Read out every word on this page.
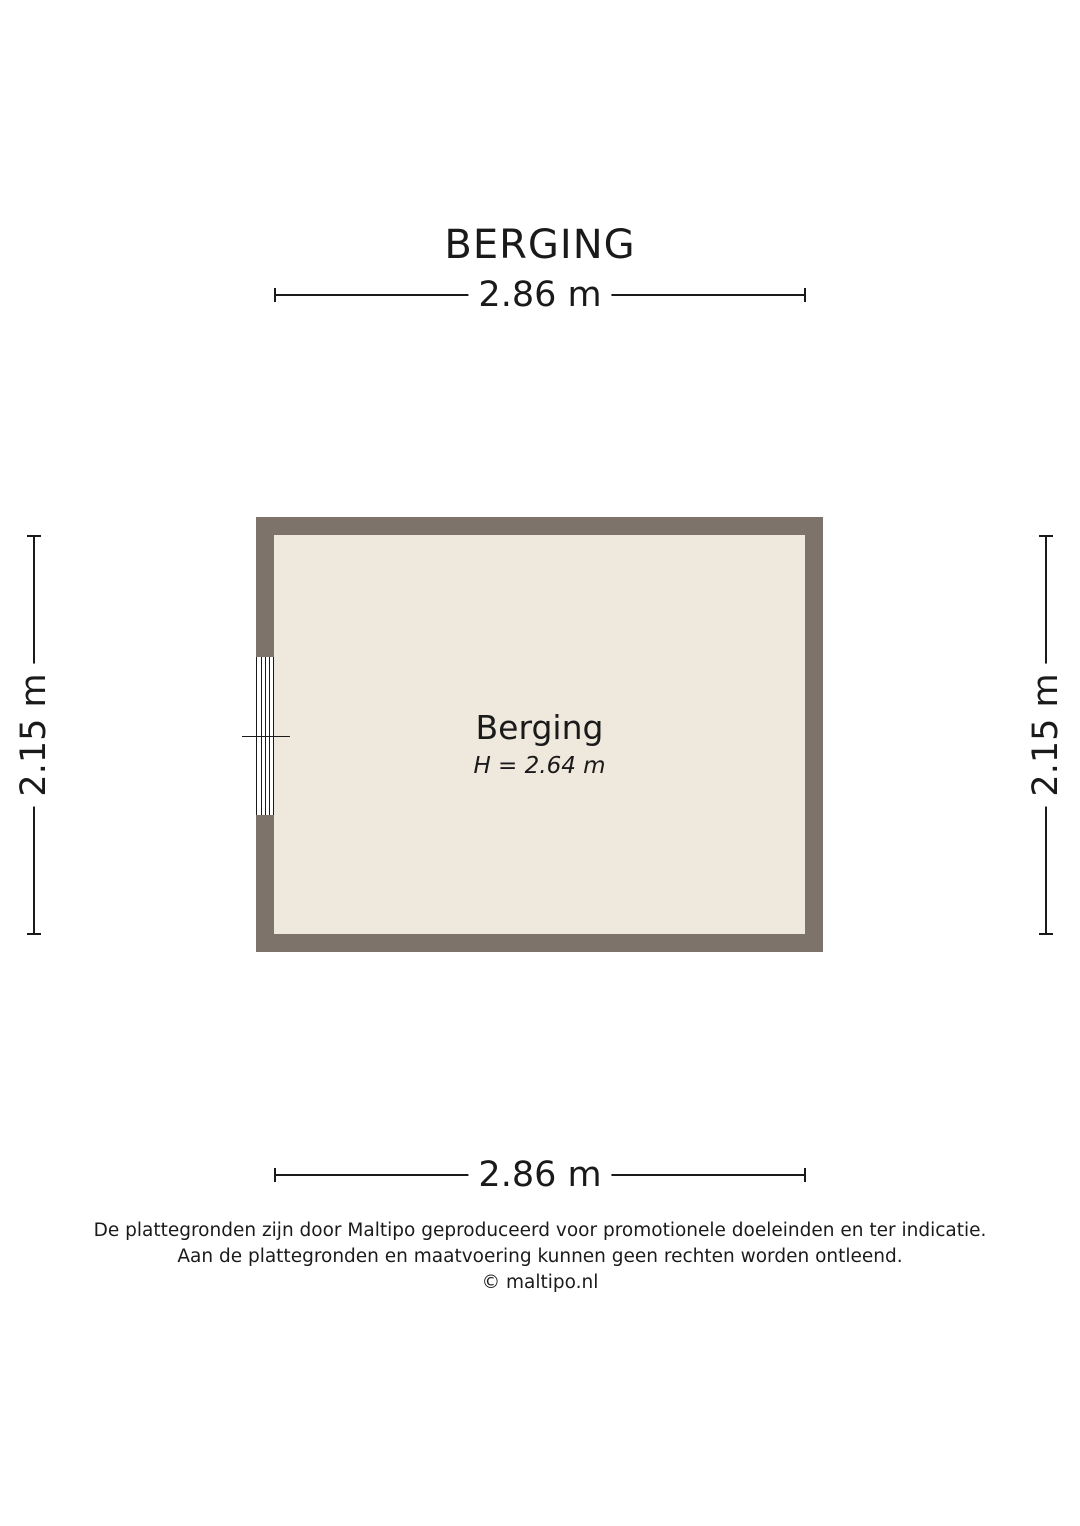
BERGING
2.86 m
2.15 m	2.15 m
Berging
H = 2.64 m
2.86 m
De plattegronden zijn door Maltipo geproduceerd voor promotionele doeleinden en ter indicatie.
Aan de plattegronden en maatvoering kunnen geen rechten worden ontleend.
© maltipo.nl
